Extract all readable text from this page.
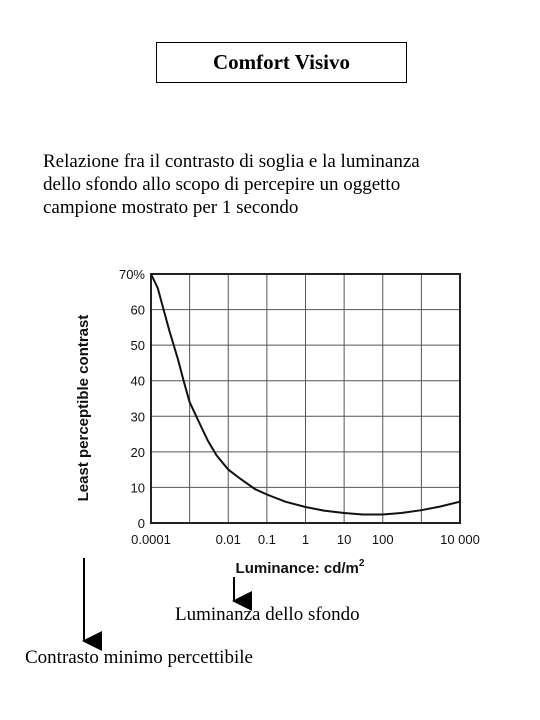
Comfort Visivo
Relazione fra il contrasto di soglia e la luminanza
dello sfondo allo scopo di percepire un oggetto
campione mostrato per 1 secondo
0
10
20
30
40
50
60
70%
0.0001	0.01 0.1 1 10 100	10 000
Least perceptible contrast
Luminance: $cd/m^2$
Luminanza dello sfondo
Contrasto minimo percettibile
